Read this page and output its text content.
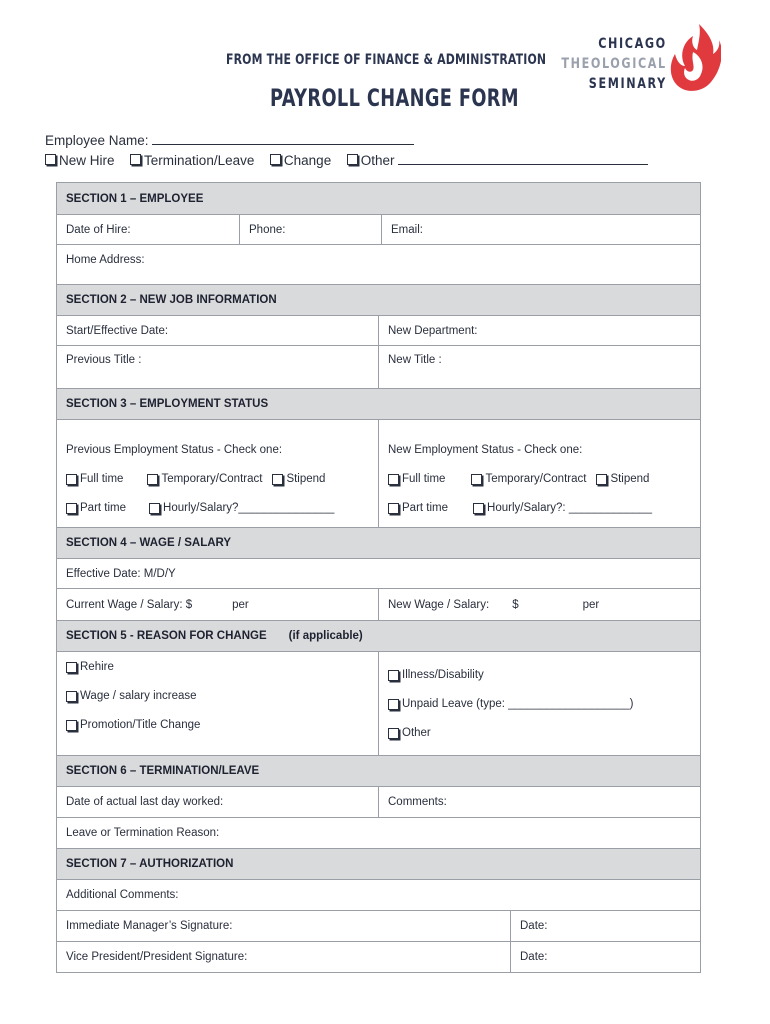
FROM THE OFFICE OF FINANCE & ADMINISTRATION
PAYROLL CHANGE FORM
CHICAGO
THEOLOGICAL
SEMINARY
Employee Name:
New Hire Termination/Leave Change Other
SECTION 1 – EMPLOYEE
Date of Hire:	Phone:	Email:
Home Address:
SECTION 2 – NEW JOB INFORMATION
Start/Effective Date:	New Department:
Previous Title :	New Title :
SECTION 3 – EMPLOYMENT STATUS
Previous Employment Status - Check one:
Full time	Temporary/Contract Stipend
Part time	Hourly/Salary?_______________
New Employment Status - Check one:
Full time	Temporary/Contract Stipend
Part time	Hourly/Salary?: _____________
SECTION 4 – WAGE / SALARY
Effective Date: M/D/Y
Current Wage / Salary: $	per	New Wage / Salary: $	per
SECTION 5 - REASON FOR CHANGE (if applicable)
Rehire
Wage / salary increase
Promotion/Title Change
Illness/Disability
Unpaid Leave (type: ___________________)
Other
SECTION 6 – TERMINATION/LEAVE
Date of actual last day worked:	Comments:
Leave or Termination Reason:
SECTION 7 – AUTHORIZATION
Additional Comments:
Immediate Manager’s Signature:	Date:
Vice President/President Signature:	Date:
